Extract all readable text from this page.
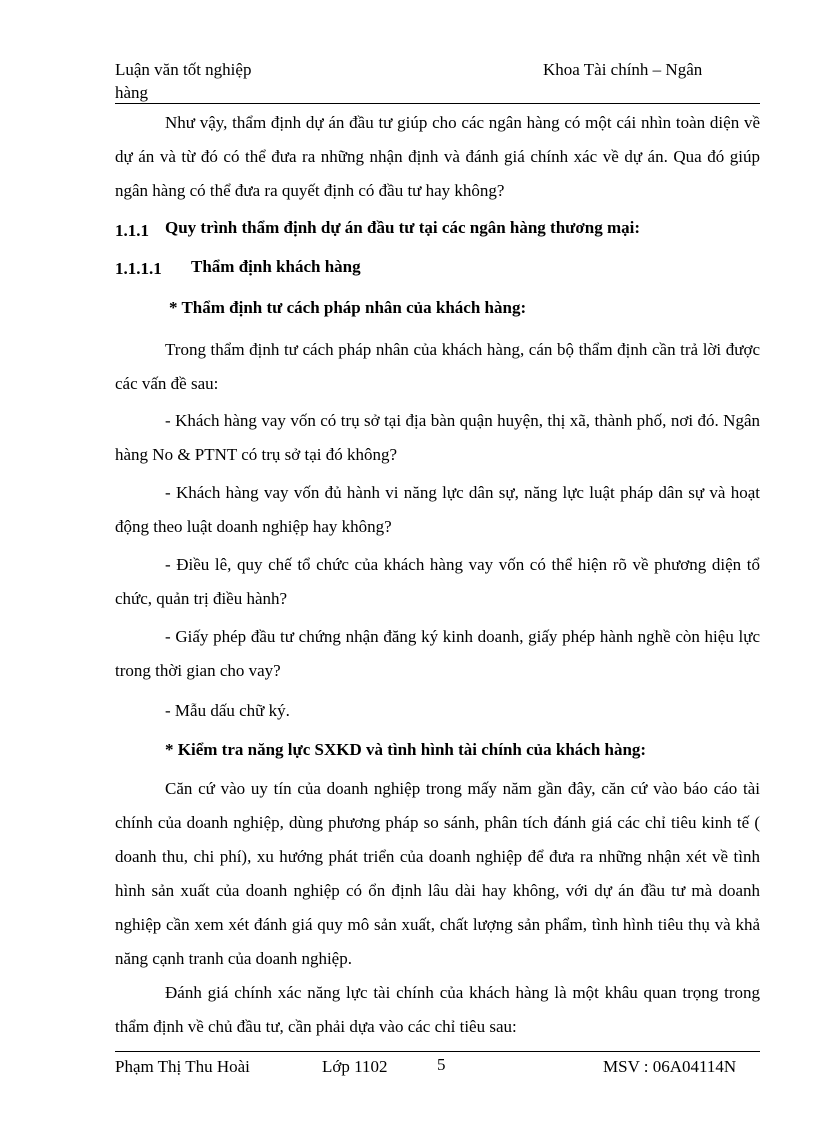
Luận văn tốt nghiệp
hàng
Khoa Tài chính – Ngân
Như vậy, thẩm định dự án đầu tư giúp cho các ngân hàng có một cái nhìn toàn diện về dự án và từ đó có thể đưa ra những nhận định và đánh giá chính xác về dự án. Qua đó giúp ngân hàng có thể đưa ra quyết định có đầu tư hay không?
1.1.1 Quy trình thẩm định dự án đầu tư tại các ngân hàng thương mại:
1.1.1.1 Thẩm định khách hàng
* Thẩm định tư cách pháp nhân của khách hàng:
Trong thẩm định tư cách pháp nhân của khách hàng, cán bộ thẩm định cần trả lời được các vấn đề sau:
- Khách hàng vay vốn có trụ sở tại địa bàn quận huyện, thị xã, thành phố, nơi đó. Ngân hàng No & PTNT có trụ sở tại đó không?
- Khách hàng vay vốn đủ hành vi năng lực dân sự, năng lực luật pháp dân sự và hoạt động theo luật doanh nghiệp hay không?
- Điều lê, quy chế tổ chức của khách hàng vay vốn có thể hiện rõ về phương diện tổ chức, quản trị điều hành?
- Giấy phép đầu tư chứng nhận đăng ký kinh doanh, giấy phép hành nghề còn hiệu lực trong thời gian cho vay?
- Mẫu dấu chữ ký.
* Kiểm tra năng lực SXKD và tình hình tài chính của khách hàng:
Căn cứ vào uy tín của doanh nghiệp trong mấy năm gần đây, căn cứ vào báo cáo tài chính của doanh nghiệp, dùng phương pháp so sánh, phân tích đánh giá các chỉ tiêu kinh tế ( doanh thu, chi phí), xu hướng phát triển của doanh nghiệp để đưa ra những nhận xét về tình hình sản xuất của doanh nghiệp có ổn định lâu dài hay không, với dự án đầu tư mà doanh nghiệp cần xem xét đánh giá quy mô sản xuất, chất lượng sản phẩm, tình hình tiêu thụ và khả năng cạnh tranh của doanh nghiệp.
Đánh giá chính xác năng lực tài chính của khách hàng là một khâu quan trọng trong thẩm định về chủ đầu tư, cần phải dựa vào các chỉ tiêu sau:
Phạm Thị Thu Hoài	Lớp 1102	5	MSV : 06A04114N
